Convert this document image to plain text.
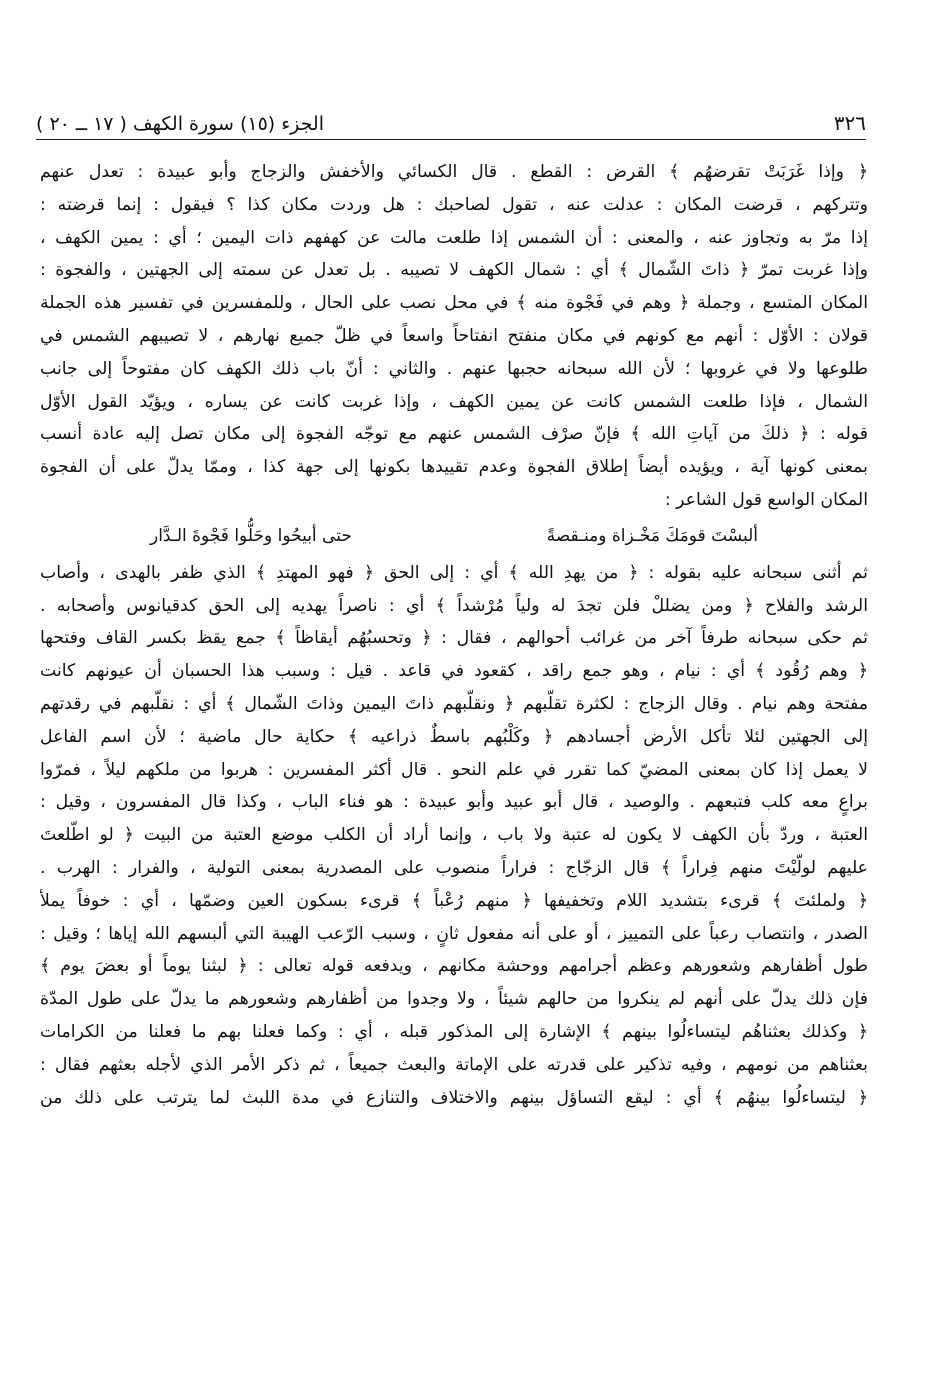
٣٢٦
الجزء (١٥) سورة الكهف ( ١٧ ــ ٢٠ )
﴿ وإذا غَرَبَتْ تقرضهُم ﴾ القرض : القطع . قال الكسائي والأخفش والزجاج وأبو عبيدة : تعدل عنهم
وتتركهم ، قرضت المكان : عدلت عنه ، تقول لصاحبك : هل وردت مكان كذا ؟ فيقول : إنما قرضته :
إذا مرّ به وتجاوز عنه ، والمعنى : أن الشمس إذا طلعت مالت عن كهفهم ذات اليمين ؛ أي : يمين الكهف ،
وإذا غربت تمرّ ﴿ ذاتَ الشّمال ﴾ أي : شمال الكهف لا تصيبه . بل تعدل عن سمته إلى الجهتين ، والفجوة :
المكان المتسع ، وجملة ﴿ وهم في فَجْوة منه ﴾ في محل نصب على الحال ، وللمفسرين في تفسير هذه الجملة
قولان : الأوّل : أنهم مع كونهم في مكان منفتح انفتاحاً واسعاً في ظلّ جميع نهارهم ، لا تصيبهم الشمس في
طلوعها ولا في غروبها ؛ لأن الله سبحانه حجبها عنهم . والثاني : أنّ باب ذلك الكهف كان مفتوحاً إلى جانب
الشمال ، فإذا طلعت الشمس كانت عن يمين الكهف ، وإذا غربت كانت عن يساره ، ويؤيّد القول الأوّل
قوله : ﴿ ذلكَ من آياتِ الله ﴾ فإنّ صرْف الشمس عنهم مع توجّه الفجوة إلى مكان تصل إليه عادة أنسب
بمعنى كونها آية ، ويؤيده أيضاً إطلاق الفجوة وعدم تقييدها بكونها إلى جهة كذا ، وممّا يدلّ على أن الفجوة
المكان الواسع قول الشاعر :
ألبسْتَ قومَكَ مَخْـزاة ومنـقصةً
حتى أبيحُوا وحَلُّوا فَجْوةَ الـدَّار
ثم أثنى سبحانه عليه بقوله : ﴿ من يهدِ الله ﴾ أي : إلى الحق ﴿ فهو المهتدِ ﴾ الذي ظفر بالهدى ، وأصاب
الرشد والفلاح ﴿ ومن يضللْ فلن تجدَ له ولياً مُرْشداً ﴾ أي : ناصراً يهديه إلى الحق كدقيانوس وأصحابه .
ثم حكى سبحانه طرفاً آخر من غرائب أحوالهم ، فقال : ﴿ وتحسبُهُم أيقاظاً ﴾ جمع يقظ بكسر القاف وفتحها
﴿ وهم رُقُود ﴾ أي : نيام ، وهو جمع راقد ، كقعود في قاعد . قيل : وسبب هذا الحسبان أن عيونهم كانت
مفتحة وهم نيام . وقال الزجاج : لكثرة تقلّبهم ﴿ ونقلّبهم ذاتَ اليمين وذاتَ الشّمال ﴾ أي : نقلّبهم في رقدتهم
إلى الجهتين لئلا تأكل الأرض أجسادهم ﴿ وكَلْبُهم باسطٌ ذراعيه ﴾ حكاية حال ماضية ؛ لأن اسم الفاعل
لا يعمل إذا كان بمعنى المضيّ كما تقرر في علم النحو . قال أكثر المفسرين : هربوا من ملكهم ليلاً ، فمرّوا
براعٍ معه كلب فتبعهم . والوصيد ، قال أبو عبيد وأبو عبيدة : هو فناء الباب ، وكذا قال المفسرون ، وقيل :
العتبة ، وردّ بأن الكهف لا يكون له عتبة ولا باب ، وإنما أراد أن الكلب موضع العتبة من البيت ﴿ لو اطّلعتَ
عليهم لولّيْتَ منهم فِراراً ﴾ قال الزجّاج : فراراً منصوب على المصدرية بمعنى التولية ، والفرار : الهرب .
﴿ ولملئتَ ﴾ قرىء بتشديد اللام وتخفيفها ﴿ منهم رُعْباً ﴾ قرىء بسكون العين وضمّها ، أي : خوفاً يملأ
الصدر ، وانتصاب رعباً على التمييز ، أو على أنه مفعول ثانٍ ، وسبب الرّعب الهيبة التي ألبسهم الله إياها ؛ وقيل :
طول أظفارهم وشعورهم وعظم أجرامهم ووحشة مكانهم ، ويدفعه قوله تعالى : ﴿ لبثنا يوماً أو بعضَ يوم ﴾
فإن ذلك يدلّ على أنهم لم ينكروا من حالهم شيئاً ، ولا وجدوا من أظفارهم وشعورهم ما يدلّ على طول المدّة
﴿ وكذلك بعثناهُم ليتساءلُوا بينهم ﴾ الإشارة إلى المذكور قبله ، أي : وكما فعلنا بهم ما فعلنا من الكرامات
بعثناهم من نومهم ، وفيه تذكير على قدرته على الإماتة والبعث جميعاً ، ثم ذكر الأمر الذي لأجله بعثهم فقال :
﴿ ليتساءلُوا بينهُم ﴾ أي : ليقع التساؤل بينهم والاختلاف والتنازع في مدة اللبث لما يترتب على ذلك من
